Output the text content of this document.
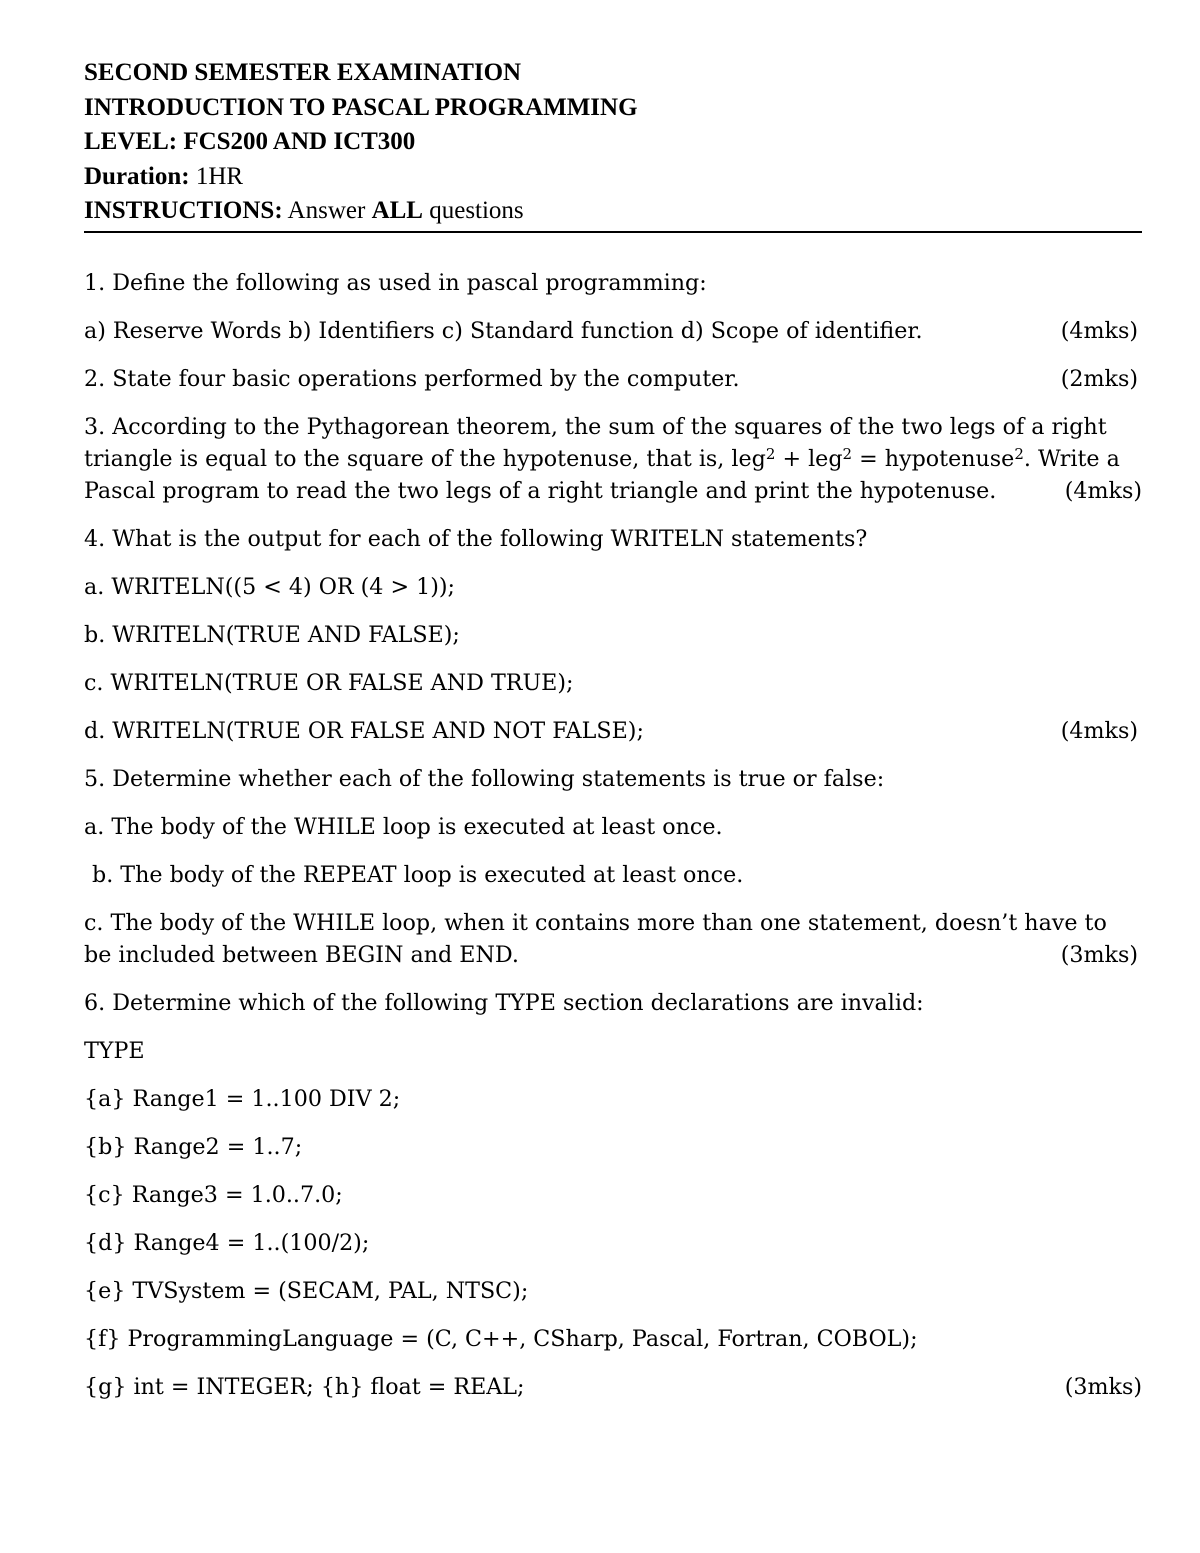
SECOND SEMESTER EXAMINATION
INTRODUCTION TO PASCAL PROGRAMMING
LEVEL: FCS200 AND ICT300
Duration: 1HR
INSTRUCTIONS: Answer ALL questions
1. Define the following as used in pascal programming:
a) Reserve Words b) Identifiers c) Standard function d) Scope of identifier.	(4mks)
2. State four basic operations performed by the computer.	(2mks)
3. According to the Pythagorean theorem, the sum of the squares of the two legs of a right
triangle is equal to the square of the hypotenuse, that is, leg$^2$ + leg$^2$ = hypotenuse$^2$. Write a
Pascal program to read the two legs of a right triangle and print the hypotenuse.	(4mks)
4. What is the output for each of the following WRITELN statements?
a. WRITELN((5 < 4) OR (4 > 1));
b. WRITELN(TRUE AND FALSE);
c. WRITELN(TRUE OR FALSE AND TRUE);
d. WRITELN(TRUE OR FALSE AND NOT FALSE);	(4mks)
5. Determine whether each of the following statements is true or false:
a. The body of the WHILE loop is executed at least once.
b. The body of the REPEAT loop is executed at least once.
c. The body of the WHILE loop, when it contains more than one statement, doesn’t have to
be included between BEGIN and END.	(3mks)
6. Determine which of the following TYPE section declarations are invalid:
TYPE
{a} Range1 = 1..100 DIV 2;
{b} Range2 = 1..7;
{c} Range3 = 1.0..7.0;
{d} Range4 = 1..(100/2);
{e} TVSystem = (SECAM, PAL, NTSC);
{f} ProgrammingLanguage = (C, C++, CSharp, Pascal, Fortran, COBOL);
{g} int = INTEGER; {h} float = REAL;	(3mks)
